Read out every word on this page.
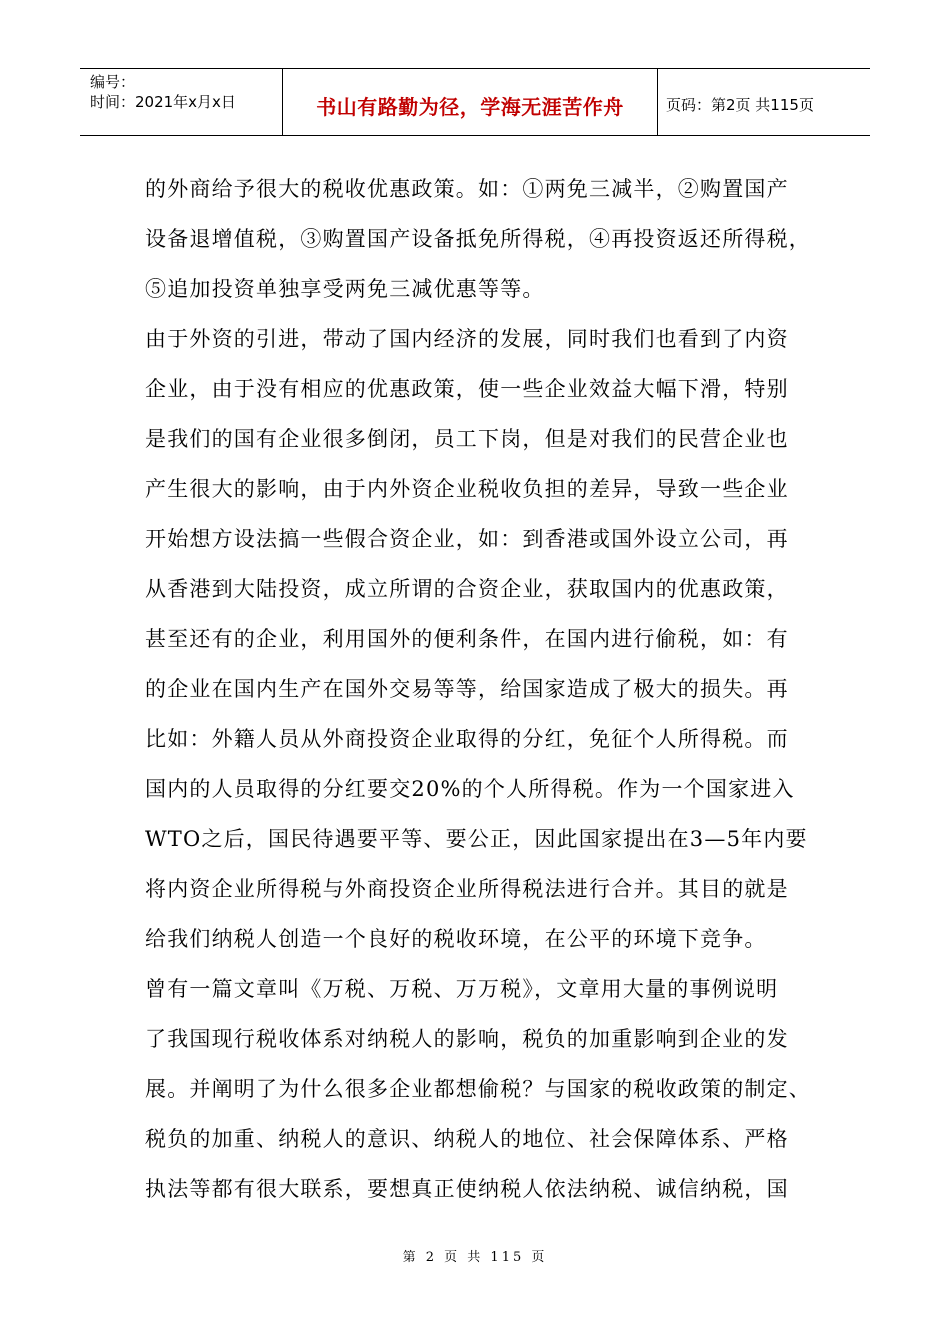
编号：
时间：2021年x月x日	书山有路勤为径，学海无涯苦作舟	页码：第2页 共115页

的外商给予很大的税收优惠政策。如：①两免三减半，②购置国产

设备退增值税，③购置国产设备抵免所得税，④再投资返还所得税，

⑤追加投资单独享受两免三减优惠等等。

由于外资的引进，带动了国内经济的发展，同时我们也看到了内资

企业，由于没有相应的优惠政策，使一些企业效益大幅下滑，特别

是我们的国有企业很多倒闭，员工下岗，但是对我们的民营企业也

产生很大的影响，由于内外资企业税收负担的差异，导致一些企业

开始想方设法搞一些假合资企业，如：到香港或国外设立公司，再

从香港到大陆投资，成立所谓的合资企业，获取国内的优惠政策，

甚至还有的企业，利用国外的便利条件，在国内进行偷税，如：有

的企业在国内生产在国外交易等等，给国家造成了极大的损失。再

比如：外籍人员从外商投资企业取得的分红，免征个人所得税。而

国内的人员取得的分红要交20%的个人所得税。作为一个国家进入

WTO之后，国民待遇要平等、要公正，因此国家提出在3—5年内要

将内资企业所得税与外商投资企业所得税法进行合并。其目的就是

给我们纳税人创造一个良好的税收环境，在公平的环境下竞争。

曾有一篇文章叫《万税、万税、万万税》，文章用大量的事例说明

了我国现行税收体系对纳税人的影响，税负的加重影响到企业的发

展。并阐明了为什么很多企业都想偷税？与国家的税收政策的制定、

税负的加重、纳税人的意识、纳税人的地位、社会保障体系、严格

执法等都有很大联系，要想真正使纳税人依法纳税、诚信纳税，国

第 2 页 共 115 页
